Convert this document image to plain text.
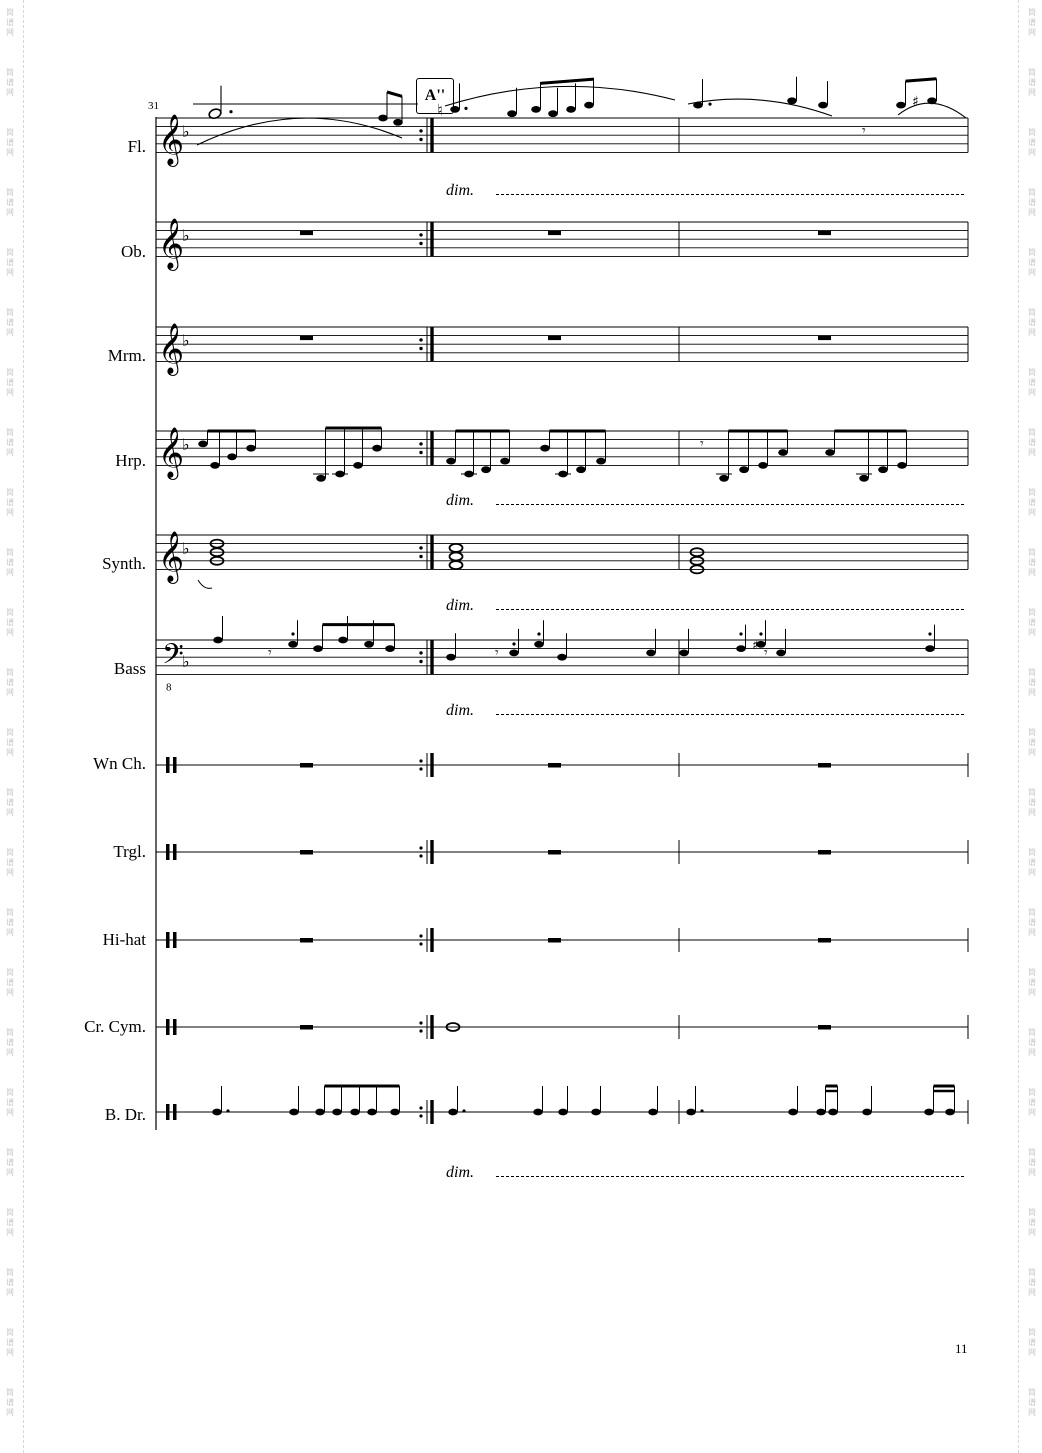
简
谱
网
简
谱
网
简
谱
网
简
谱
网
简
谱
网
简
谱
网
简
谱
网
简
谱
网
简
谱
网
简
谱
网
简
谱
网
简
谱
网
简
谱
网
简
谱
网
简
谱
网
简
谱
网
简
谱
网
简
谱
网
简
谱
网
简
谱
网
简
谱
网
简
谱
网
简
谱
网
简
谱
网
简
谱
网
简
谱
网
简
谱
网
简
谱
网
简
谱
网
简
谱
网
简
谱
网
简
谱
网
简
谱
网
简
谱
网
简
谱
网
简
谱
网
简
谱
网
简
谱
网
简
谱
网
简
谱
网
简
谱
网
简
谱
网
简
谱
网
简
谱
网
简
谱
网
简
谱
网
简
谱
网
简
谱
网
𝄞
♭
𝄞
♭
𝄞
♭
𝄞
♭
𝄞
♭
𝄢
8
♭
♮
♪
𝄾
♯
𝄾
𝄾	𝄾	𝄾
♯
31
A''
Fl.
Ob.
Mrm.
Hrp.
Synth.
Bass
Wn Ch.
Trgl.
Hi-hat
Cr. Cym.
B. Dr.
dim.
dim.
dim.
dim.
dim.
11
